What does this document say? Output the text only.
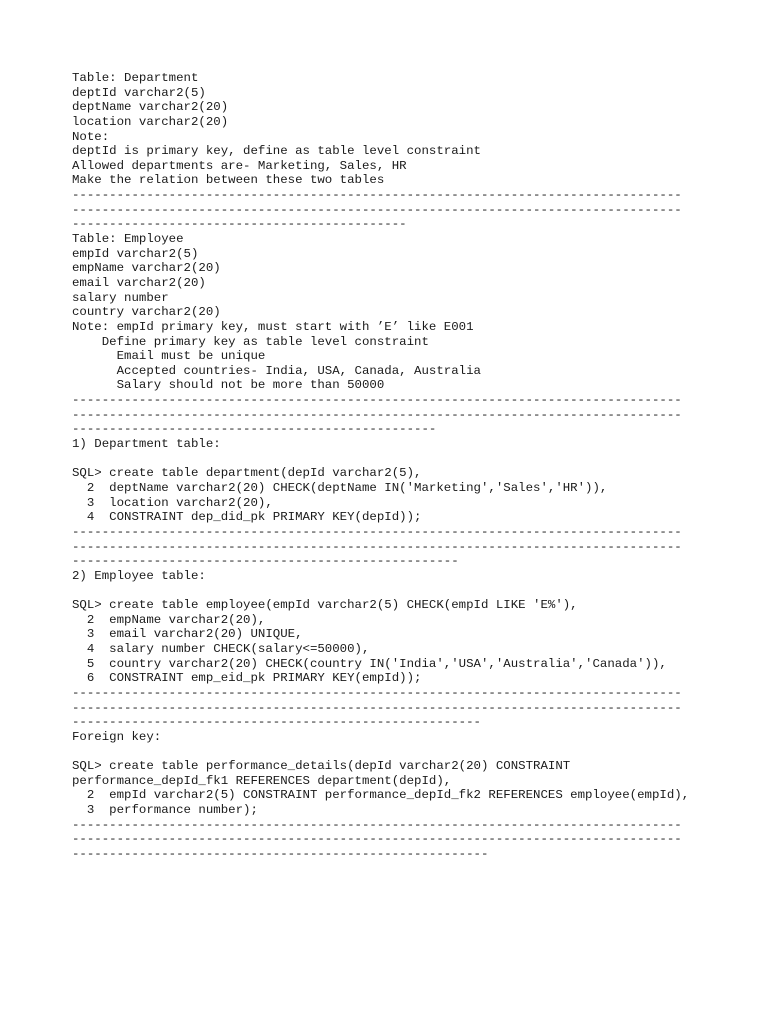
Table: Department
deptId varchar2(5)
deptName varchar2(20)
location varchar2(20)
Note:
deptId is primary key, define as table level constraint
Allowed departments are- Marketing, Sales, HR
Make the relation between these two tables
----------------------------------------------------------------------------------
----------------------------------------------------------------------------------
---------------------------------------------
Table: Employee
empId varchar2(5)
empName varchar2(20)
email varchar2(20)
salary number
country varchar2(20)
Note: empId primary key, must start with ’E’ like E001
Define primary key as table level constraint
Email must be unique
Accepted countries- India, USA, Canada, Australia
Salary should not be more than 50000
----------------------------------------------------------------------------------
----------------------------------------------------------------------------------
-------------------------------------------------
1) Department table:
SQL> create table department(depId varchar2(5),
2  deptName varchar2(20) CHECK(deptName IN('Marketing','Sales','HR')),
3  location varchar2(20),
4  CONSTRAINT dep_did_pk PRIMARY KEY(depId));
----------------------------------------------------------------------------------
----------------------------------------------------------------------------------
----------------------------------------------------
2) Employee table:
SQL> create table employee(empId varchar2(5) CHECK(empId LIKE 'E%'),
2  empName varchar2(20),
3  email varchar2(20) UNIQUE,
4  salary number CHECK(salary<=50000),
5  country varchar2(20) CHECK(country IN('India','USA','Australia','Canada')),
6  CONSTRAINT emp_eid_pk PRIMARY KEY(empId));
----------------------------------------------------------------------------------
----------------------------------------------------------------------------------
-------------------------------------------------------
Foreign key:
SQL> create table performance_details(depId varchar2(20) CONSTRAINT
performance_depId_fk1 REFERENCES department(depId),
2  empId varchar2(5) CONSTRAINT performance_depId_fk2 REFERENCES employee(empId),
3  performance number);
----------------------------------------------------------------------------------
----------------------------------------------------------------------------------
--------------------------------------------------------
